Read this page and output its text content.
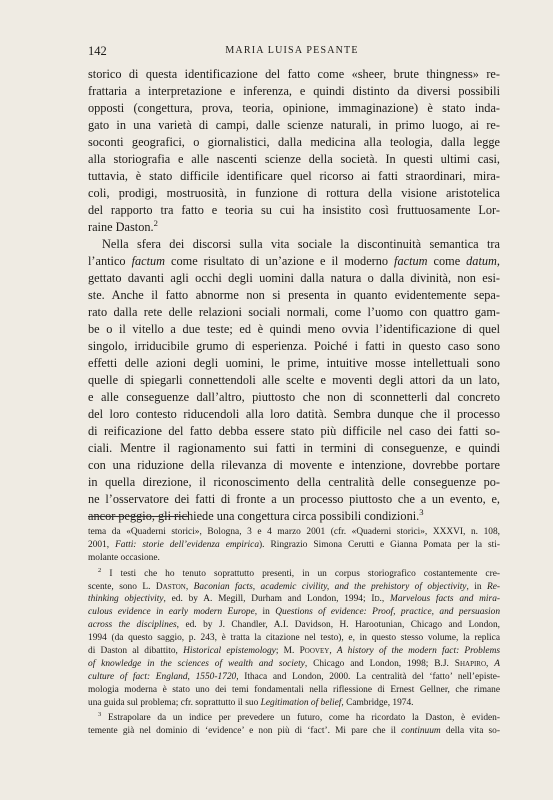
142	MARIA LUISA PESANTE
storico di questa identificazione del fatto come «sheer, brute thingness» re-
frattaria a interpretazione e inferenza, e quindi distinto da diversi possibili
opposti (congettura, prova, teoria, opinione, immaginazione) è stato inda-
gato in una varietà di campi, dalle scienze naturali, in primo luogo, ai re-
soconti geografici, o giornalistici, dalla medicina alla teologia, dalla legge
alla storiografia e alle nascenti scienze della società. In questi ultimi casi,
tuttavia, è stato difficile identificare quel ricorso ai fatti straordinari, mira-
coli, prodigi, mostruosità, in funzione di rottura della visione aristotelica
del rapporto tra fatto e teoria su cui ha insistito così fruttuosamente Lor-
raine Daston.$^2$
Nella sfera dei discorsi sulla vita sociale la discontinuità semantica tra
l’antico factum come risultato di un’azione e il moderno factum come datum,
gettato davanti agli occhi degli uomini dalla natura o dalla divinità, non esi-
ste. Anche il fatto abnorme non si presenta in quanto evidentemente sepa-
rato dalla rete delle relazioni sociali normali, come l’uomo con quattro gam-
be o il vitello a due teste; ed è quindi meno ovvia l’identificazione di quel
singolo, irriducibile grumo di esperienza. Poiché i fatti in questo caso sono
effetti delle azioni degli uomini, le prime, intuitive mosse intellettuali sono
quelle di spiegarli connettendoli alle scelte e moventi degli attori da un lato,
e alle conseguenze dall’altro, piuttosto che non di sconnetterli dal concreto
del loro contesto riducendoli alla loro datità. Sembra dunque che il processo
di reificazione del fatto debba essere stato più difficile nel caso dei fatti so-
ciali. Mentre il ragionamento sui fatti in termini di conseguenze, e quindi
con una riduzione della rilevanza di movente e intenzione, dovrebbe portare
in quella direzione, il riconoscimento della centralità delle conseguenze po-
ne l’osservatore dei fatti di fronte a un processo piuttosto che a un evento, e,
ancor peggio, gli richiede una congettura circa possibili condizioni.$^3$
tema da «Quaderni storici», Bologna, 3 e 4 marzo 2001 (cfr. «Quaderni storici», XXXVI, n. 108,
2001, Fatti: storie dell’evidenza empirica). Ringrazio Simona Cerutti e Gianna Pomata per la sti-
molante occasione.
$^2$ I testi che ho tenuto soprattutto presenti, in un corpus storiografico costantemente cre-
scente, sono L. Daston, Baconian facts, academic civility, and the prehistory of objectivity, in Re-
thinking objectivity, ed. by A. Megill, Durham and London, 1994; Id., Marvelous facts and mira-
culous evidence in early modern Europe, in Questions of evidence: Proof, practice, and persuasion
across the disciplines, ed. by J. Chandler, A.I. Davidson, H. Harootunian, Chicago and London,
1994 (da questo saggio, p. 243, è tratta la citazione nel testo), e, in questo stesso volume, la replica
di Daston al dibattito, Historical epistemology; M. Poovey, A history of the modern fact: Problems
of knowledge in the sciences of wealth and society, Chicago and London, 1998; B.J. Shapiro, A
culture of fact: England, 1550-1720, Ithaca and London, 2000. La centralità del ‘fatto’ nell’episte-
mologia moderna è stato uno dei temi fondamentali nella riflessione di Ernest Gellner, che rimane
una guida sul problema; cfr. soprattutto il suo Legitimation of belief, Cambridge, 1974.
$^3$ Estrapolare da un indice per prevedere un futuro, come ha ricordato la Daston, è eviden-
temente già nel dominio di ‘evidence’ e non più di ‘fact’. Mi pare che il continuum della vita so-
